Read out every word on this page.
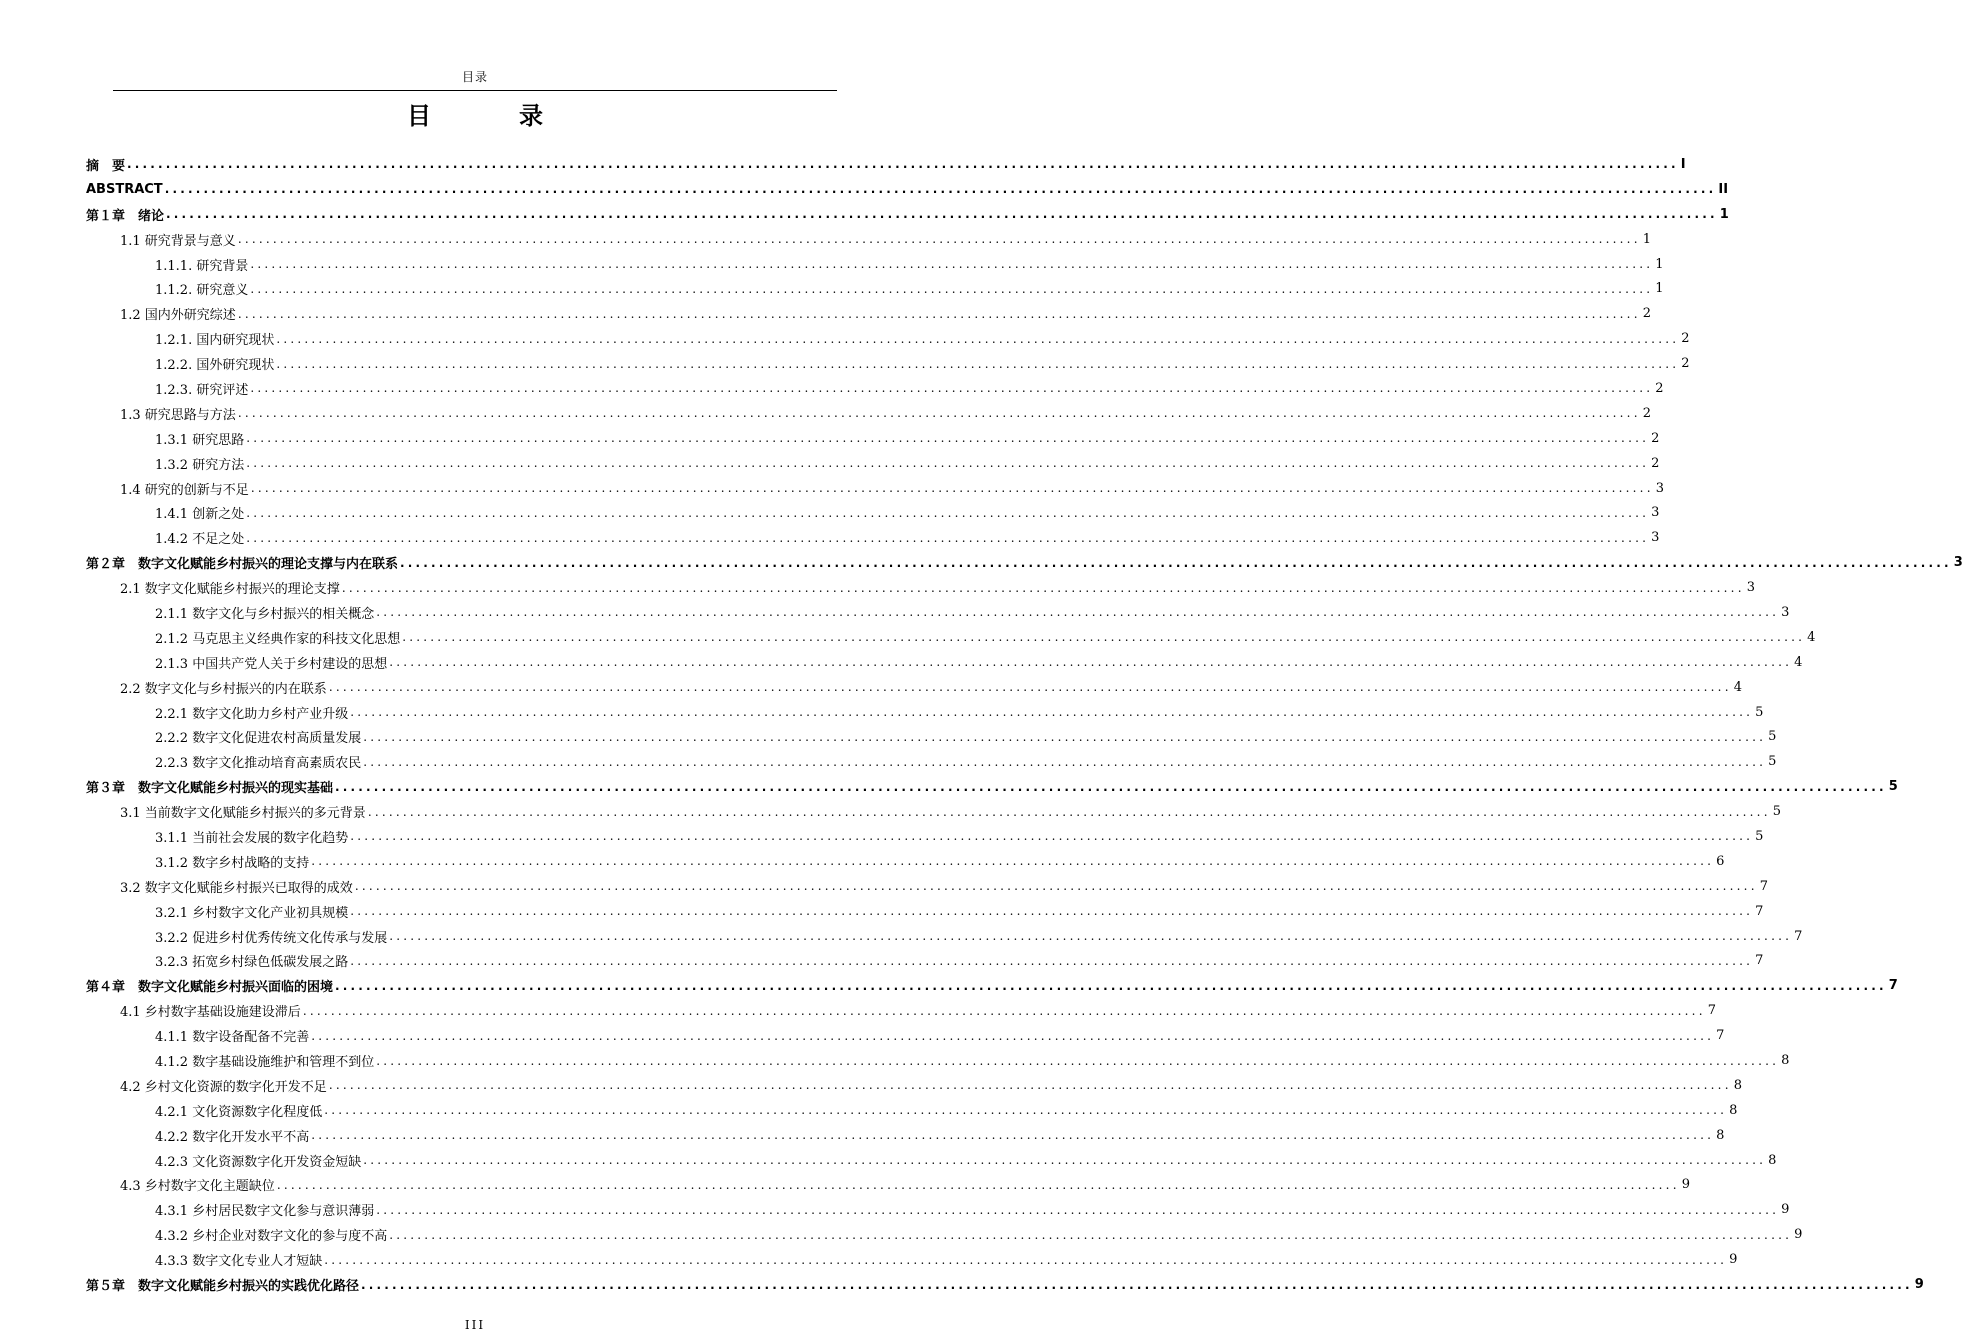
目录
目　录
摘　要 ........................................................................................................................................................................................................ I
ABSTRACT ........................................................................................................................................................................................................ II
第１章　绪论 ........................................................................................................................................................................................................ 1
1.1 研究背景与意义 ........................................................................................................................................................................................................ 1
1.1.1. 研究背景 ........................................................................................................................................................................................................ 1
1.1.2. 研究意义 ........................................................................................................................................................................................................ 1
1.2 国内外研究综述 ........................................................................................................................................................................................................ 2
1.2.1. 国内研究现状 ........................................................................................................................................................................................................ 2
1.2.2. 国外研究现状 ........................................................................................................................................................................................................ 2
1.2.3. 研究评述 ........................................................................................................................................................................................................ 2
1.3 研究思路与方法 ........................................................................................................................................................................................................ 2
1.3.1 研究思路 ........................................................................................................................................................................................................ 2
1.3.2 研究方法 ........................................................................................................................................................................................................ 2
1.4 研究的创新与不足 ........................................................................................................................................................................................................ 3
1.4.1 创新之处 ........................................................................................................................................................................................................ 3
1.4.2 不足之处 ........................................................................................................................................................................................................ 3
第２章　数字文化赋能乡村振兴的理论支撑与内在联系 ........................................................................................................................................................................................................ 3
2.1 数字文化赋能乡村振兴的理论支撑 ........................................................................................................................................................................................................ 3
2.1.1 数字文化与乡村振兴的相关概念 ........................................................................................................................................................................................................ 3
2.1.2 马克思主义经典作家的科技文化思想 ........................................................................................................................................................................................................ 4
2.1.3 中国共产党人关于乡村建设的思想 ........................................................................................................................................................................................................ 4
2.2 数字文化与乡村振兴的内在联系 ........................................................................................................................................................................................................ 4
2.2.1 数字文化助力乡村产业升级 ........................................................................................................................................................................................................ 5
2.2.2 数字文化促进农村高质量发展 ........................................................................................................................................................................................................ 5
2.2.3 数字文化推动培育高素质农民 ........................................................................................................................................................................................................ 5
第３章　数字文化赋能乡村振兴的现实基础 ........................................................................................................................................................................................................ 5
3.1 当前数字文化赋能乡村振兴的多元背景 ........................................................................................................................................................................................................ 5
3.1.1 当前社会发展的数字化趋势 ........................................................................................................................................................................................................ 5
3.1.2 数字乡村战略的支持 ........................................................................................................................................................................................................ 6
3.2 数字文化赋能乡村振兴已取得的成效 ........................................................................................................................................................................................................ 7
3.2.1 乡村数字文化产业初具规模 ........................................................................................................................................................................................................ 7
3.2.2 促进乡村优秀传统文化传承与发展 ........................................................................................................................................................................................................ 7
3.2.3 拓宽乡村绿色低碳发展之路 ........................................................................................................................................................................................................ 7
第４章　数字文化赋能乡村振兴面临的困境 ........................................................................................................................................................................................................ 7
4.1 乡村数字基础设施建设滞后 ........................................................................................................................................................................................................ 7
4.1.1 数字设备配备不完善 ........................................................................................................................................................................................................ 7
4.1.2 数字基础设施维护和管理不到位 ........................................................................................................................................................................................................ 8
4.2 乡村文化资源的数字化开发不足 ........................................................................................................................................................................................................ 8
4.2.1 文化资源数字化程度低 ........................................................................................................................................................................................................ 8
4.2.2 数字化开发水平不高 ........................................................................................................................................................................................................ 8
4.2.3 文化资源数字化开发资金短缺 ........................................................................................................................................................................................................ 8
4.3 乡村数字文化主题缺位 ........................................................................................................................................................................................................ 9
4.3.1 乡村居民数字文化参与意识薄弱 ........................................................................................................................................................................................................ 9
4.3.2 乡村企业对数字文化的参与度不高 ........................................................................................................................................................................................................ 9
4.3.3 数字文化专业人才短缺 ........................................................................................................................................................................................................ 9
第５章　数字文化赋能乡村振兴的实践优化路径 ........................................................................................................................................................................................................ 9
III
